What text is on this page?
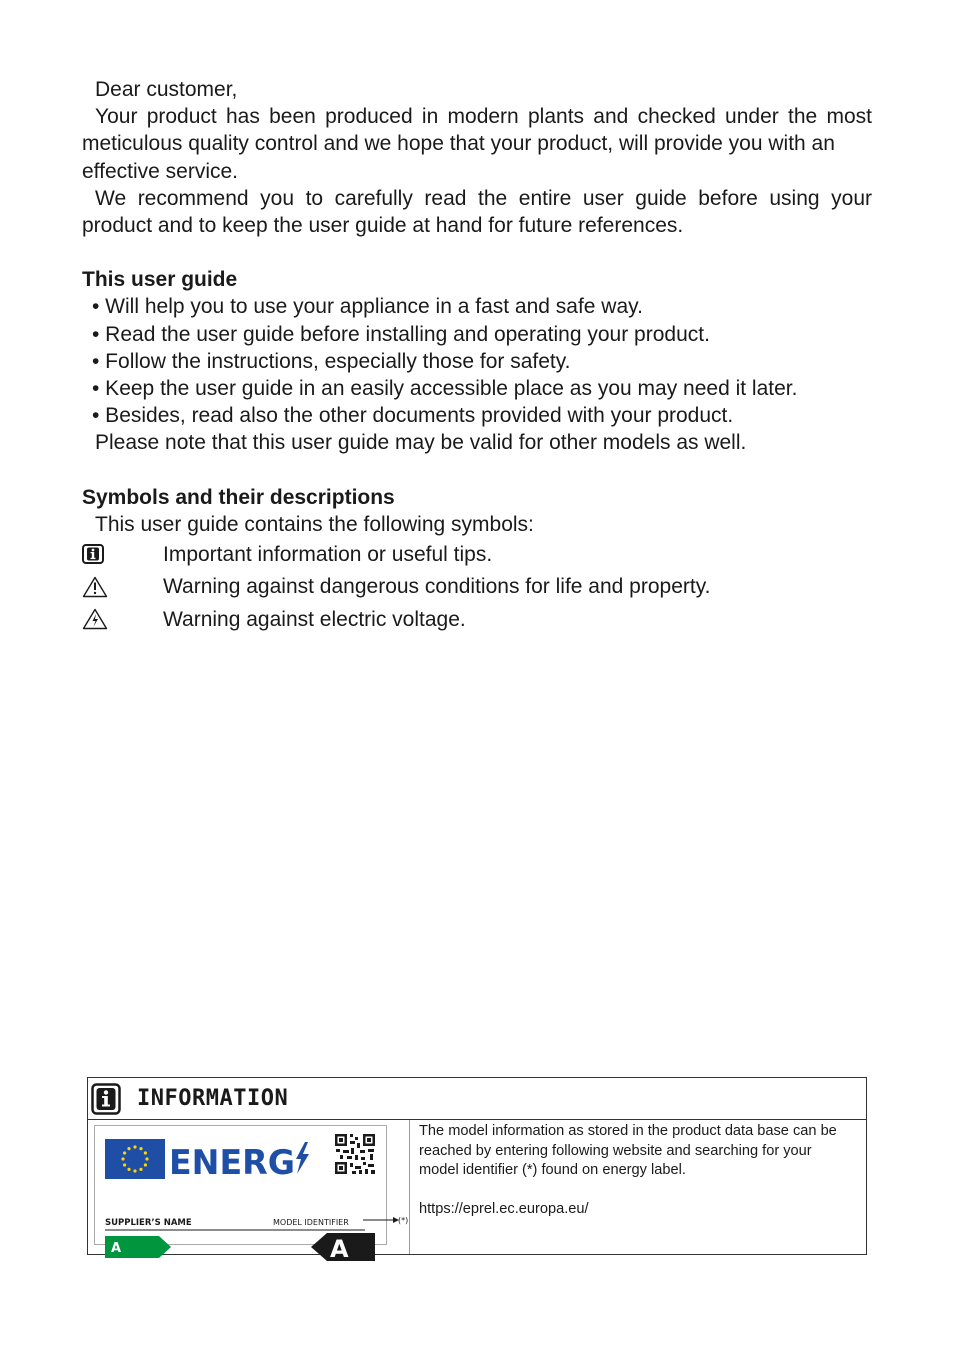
Dear customer,
Your product has been produced in modern plants and checked under the most
meticulous quality control and we hope that your product, will provide you with an effective service.
We recommend you to carefully read the entire user guide before using your
product and to keep the user guide at hand for future references.
This user guide
• Will help you to use your appliance in a fast and safe way.
• Read the user guide before installing and operating your product.
• Follow the instructions, especially those for safety.
• Keep the user guide in an easily accessible place as you may need it later.
• Besides, read also the other documents provided with your product.
Please note that this user guide may be valid for other models as well.
Symbols and their descriptions
This user guide contains the following symbols:
Important information or useful tips.
Warning against dangerous conditions for life and property.
Warning against electric voltage.
INFORMATION
ENERG
SUPPLIER’S NAME	MODEL IDENTIFIER	(*)
A	A
The model information as stored in the product data base can be reached by entering following website and searching for your model identifier (*) found on energy label.
https://eprel.ec.europa.eu/
